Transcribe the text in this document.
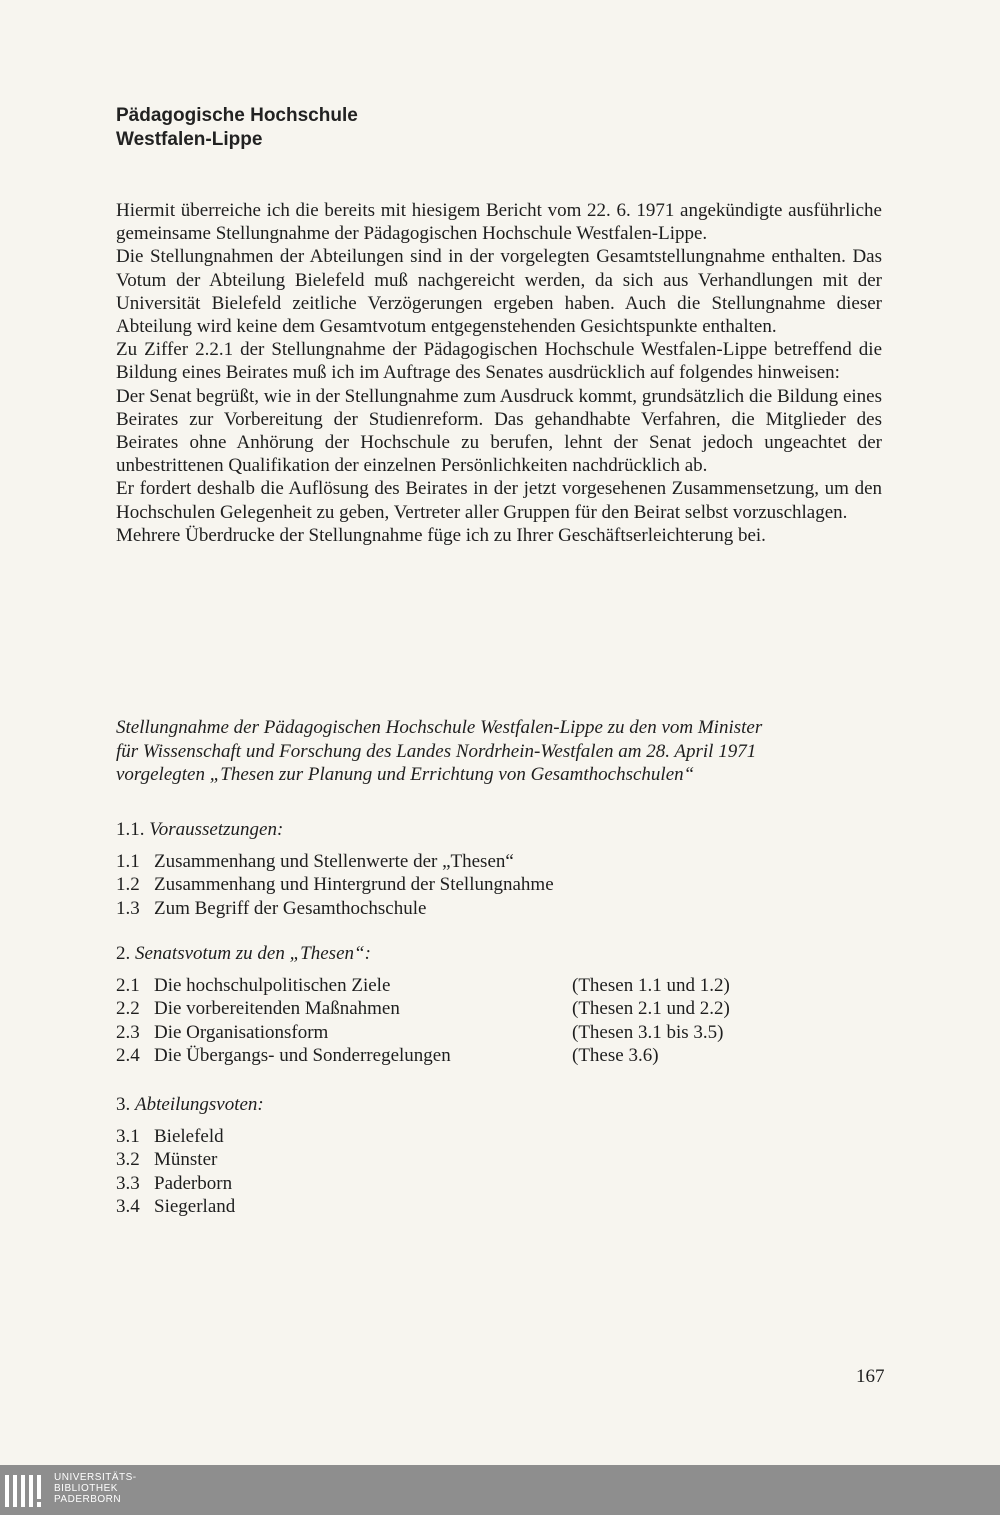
Pädagogische Hochschule
Westfalen-Lippe

Hiermit überreiche ich die bereits mit hiesigem Bericht vom 22. 6. 1971 angekündigte ausführliche gemeinsame Stellungnahme der Pädagogischen Hochschule Westfalen-Lippe.

Die Stellungnahmen der Abteilungen sind in der vorgelegten Gesamtstellungnahme enthalten. Das Votum der Abteilung Bielefeld muß nachgereicht werden, da sich aus Verhandlungen mit der Universität Bielefeld zeitliche Verzögerungen ergeben haben. Auch die Stellungnahme dieser Abteilung wird keine dem Gesamtvotum entgegenstehenden Gesichtspunkte enthalten.

Zu Ziffer 2.2.1 der Stellungnahme der Pädagogischen Hochschule Westfalen-Lippe betreffend die Bildung eines Beirates muß ich im Auftrage des Senates ausdrücklich auf folgendes hinweisen:

Der Senat begrüßt, wie in der Stellungnahme zum Ausdruck kommt, grundsätzlich die Bildung eines Beirates zur Vorbereitung der Studienreform. Das gehandhabte Verfahren, die Mitglieder des Beirates ohne Anhörung der Hochschule zu berufen, lehnt der Senat jedoch ungeachtet der unbestrittenen Qualifikation der einzelnen Persönlichkeiten nachdrücklich ab.

Er fordert deshalb die Auflösung des Beirates in der jetzt vorgesehenen Zusammensetzung, um den Hochschulen Gelegenheit zu geben, Vertreter aller Gruppen für den Beirat selbst vorzuschlagen.

Mehrere Überdrucke der Stellungnahme füge ich zu Ihrer Geschäftserleichterung bei.

Stellungnahme der Pädagogischen Hochschule Westfalen-Lippe zu den vom Minister
für Wissenschaft und Forschung des Landes Nordrhein-Westfalen am 28. April 1971
vorgelegten „Thesen zur Planung und Errichtung von Gesamthochschulen“
1.1. Voraussetzungen:
1.1 Zusammenhang und Stellenwerte der „Thesen“
1.2 Zusammenhang und Hintergrund der Stellungnahme
1.3 Zum Begriff der Gesamthochschule
2. Senatsvotum zu den „Thesen“:
2.1 Die hochschulpolitischen Ziele	(Thesen 1.1 und 1.2)
2.2 Die vorbereitenden Maßnahmen	(Thesen 2.1 und 2.2)
2.3 Die Organisationsform	(Thesen 3.1 bis 3.5)
2.4 Die Übergangs- und Sonderregelungen	(These 3.6)
3. Abteilungsvoten:
3.1 Bielefeld
3.2 Münster
3.3 Paderborn
3.4 Siegerland
167
UNIVERSITÄTS-
BIBLIOTHEK
PADERBORN
